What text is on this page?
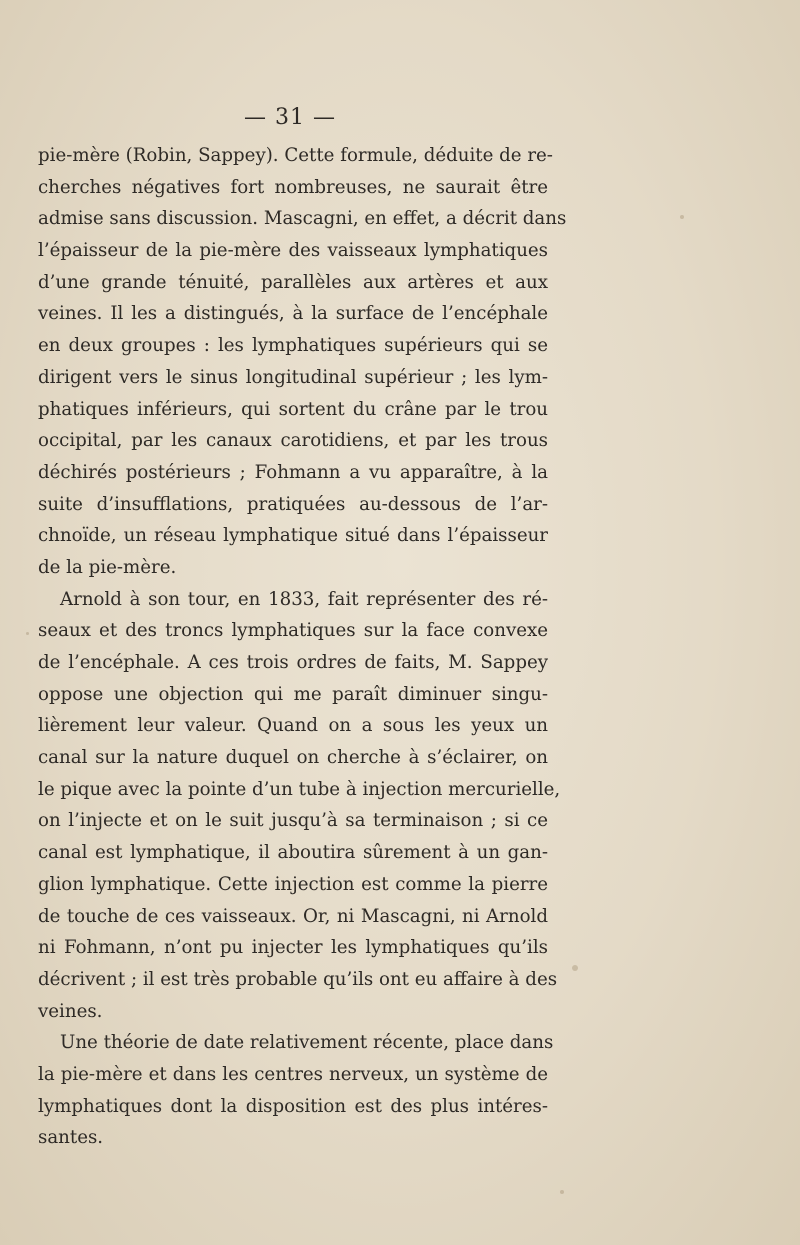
— 31 —
pie-mère (Robin, Sappey). Cette formule, déduite de re-
cherches négatives fort nombreuses, ne saurait être
admise sans discussion. Mascagni, en effet, a décrit dans
l’épaisseur de la pie-mère des vaisseaux lymphatiques
d’une grande ténuité, parallèles aux artères et aux
veines. Il les a distingués, à la surface de l’encéphale
en deux groupes : les lymphatiques supérieurs qui se
dirigent vers le sinus longitudinal supérieur ; les lym-
phatiques inférieurs, qui sortent du crâne par le trou
occipital, par les canaux carotidiens, et par les trous
déchirés postérieurs ; Fohmann a vu apparaître, à la
suite d’insufflations, pratiquées au-dessous de l’ar-
chnoïde, un réseau lymphatique situé dans l’épaisseur
de la pie-mère.
Arnold à son tour, en 1833, fait représenter des ré-
seaux et des troncs lymphatiques sur la face convexe
de l’encéphale. A ces trois ordres de faits, M. Sappey
oppose une objection qui me paraît diminuer singu-
lièrement leur valeur. Quand on a sous les yeux un
canal sur la nature duquel on cherche à s’éclairer, on
le pique avec la pointe d’un tube à injection mercurielle,
on l’injecte et on le suit jusqu’à sa terminaison ; si ce
canal est lymphatique, il aboutira sûrement à un gan-
glion lymphatique. Cette injection est comme la pierre
de touche de ces vaisseaux. Or, ni Mascagni, ni Arnold
ni Fohmann, n’ont pu injecter les lymphatiques qu’ils
décrivent ; il est très probable qu’ils ont eu affaire à des
veines.
Une théorie de date relativement récente, place dans
la pie-mère et dans les centres nerveux, un système de
lymphatiques dont la disposition est des plus intéres-
santes.
